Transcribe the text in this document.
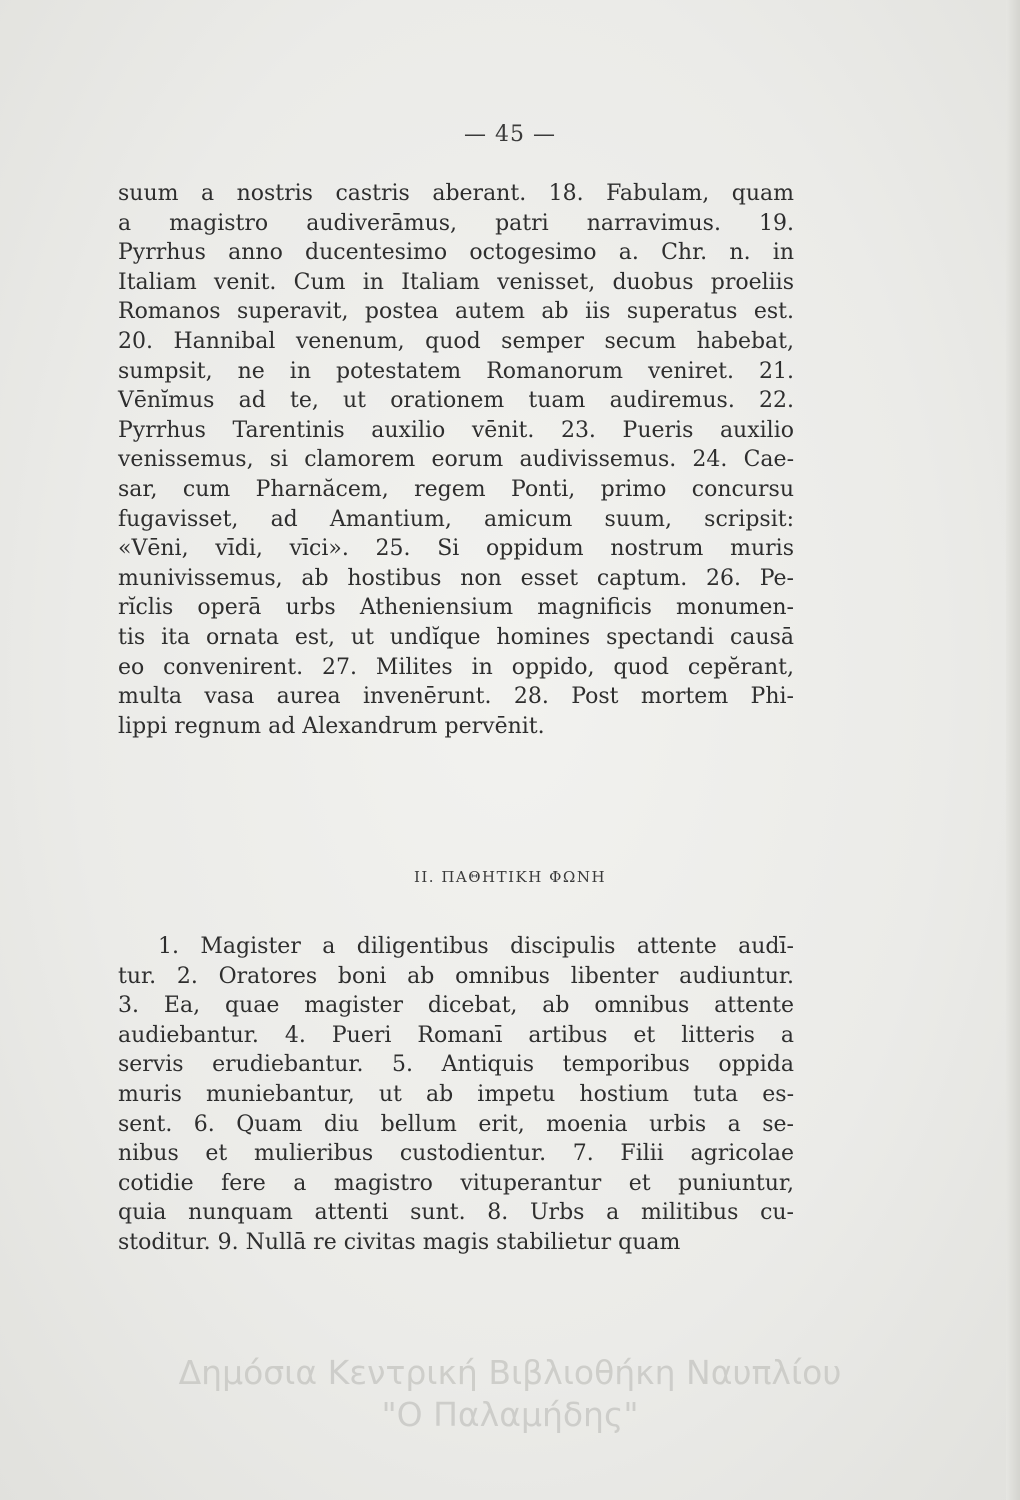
— 45 —
suum a nostris castris aberant. 18. Fabulam, quam
a magistro audiverāmus, patri narravimus. 19.
Pyrrhus anno ducentesimo octogesimo a. Chr. n. in
Italiam venit. Cum in Italiam venisset, duobus proeliis
Romanos superavit, postea autem ab iis superatus est.
20. Hannibal venenum, quod semper secum habebat,
sumpsit, ne in potestatem Romanorum veniret. 21.
Vēnĭmus ad te, ut orationem tuam audiremus. 22.
Pyrrhus Tarentinis auxilio vēnit. 23. Pueris auxilio
venissemus, si clamorem eorum audivissemus. 24. Cae-
sar, cum Pharnăcem, regem Ponti, primo concursu
fugavisset, ad Amantium, amicum suum, scripsit:
«Vēni, vīdi, vīci». 25. Si oppidum nostrum muris
munivissemus, ab hostibus non esset captum. 26. Pe-
rĭclis operā urbs Atheniensium magnificis monumen-
tis ita ornata est, ut undĭque homines spectandi causā
eo convenirent. 27. Milites in oppido, quod cepĕrant,
multa vasa aurea invenērunt. 28. Post mortem Phi-
lippi regnum ad Alexandrum pervēnit.
II. ΠΑΘΗΤΙΚΗ ΦΩΝΗ
1. Magister a diligentibus discipulis attente audī-
tur. 2. Oratores boni ab omnibus libenter audiuntur.
3. Ea, quae magister dicebat, ab omnibus attente
audiebantur. 4. Pueri Romanī artibus et litteris a
servis erudiebantur. 5. Antiquis temporibus oppida
muris muniebantur, ut ab impetu hostium tuta es-
sent. 6. Quam diu bellum erit, moenia urbis a se-
nibus et mulieribus custodientur. 7. Filii agricolae
cotidie fere a magistro vituperantur et puniuntur,
quia nunquam attenti sunt. 8. Urbs a militibus cu-
stoditur. 9. Nullā re civitas magis stabilietur quam
Δημόσια Κεντρική Βιβλιοθήκη Ναυπλίου
"Ο Παλαμήδης"
